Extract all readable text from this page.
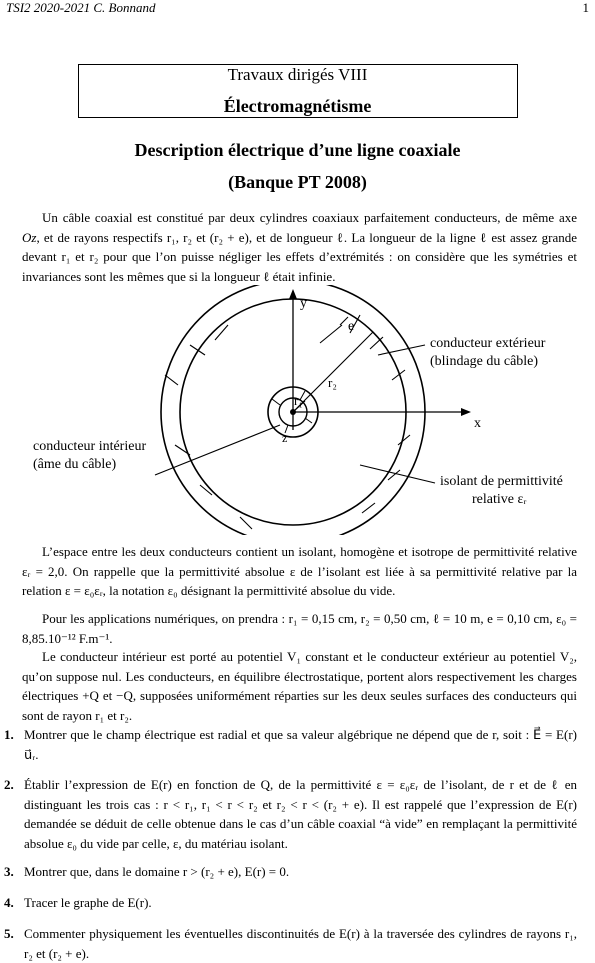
TSI2 2020-2021 C. Bonnand	1
Travaux dirigés VIII
Électromagnétisme
Description électrique d’une ligne coaxiale
(Banque PT 2008)

Un câble coaxial est constitué par deux cylindres coaxiaux parfaitement conducteurs, de même axe Oz, et de rayons respectifs r₁, r₂ et (r₂ + e), et de longueur ℓ. La longueur de la ligne ℓ est assez grande devant r₁ et r₂ pour que l’on puisse négliger les effets d’extrémités : on considère que les symétries et invariances sont les mêmes que si la longueur ℓ était infinie.

y
x
z
e
r₁
r₂
conducteur extérieur
(blindage du câble)
conducteur intérieur
(âme du câble)
isolant de permittivité
relative εᵣ

L’espace entre les deux conducteurs contient un isolant, homogène et isotrope de permittivité relative εᵣ = 2,0. On rappelle que la permittivité absolue ε de l’isolant est liée à sa permittivité relative par la relation ε = ε₀εᵣ, la notation ε₀ désignant la permittivité absolue du vide.

Pour les applications numériques, on prendra : r₁ = 0,15 cm, r₂ = 0,50 cm, ℓ = 10 m, e = 0,10 cm, ε₀ = 8,85.10⁻¹² F.m⁻¹.

Le conducteur intérieur est porté au potentiel V₁ constant et le conducteur extérieur au potentiel V₂, qu’on suppose nul. Les conducteurs, en équilibre électrostatique, portent alors respectivement les charges électriques +Q et −Q, supposées uniformément réparties sur les deux seules surfaces des conducteurs qui sont de rayon r₁ et r₂.

1. Montrer que le champ électrique est radial et que sa valeur algébrique ne dépend que de r, soit : E⃗ = E(r) u⃗ᵣ.
2. Établir l’expression de E(r) en fonction de Q, de la permittivité ε = ε₀εᵣ de l’isolant, de r et de ℓ en distinguant les trois cas : r < r₁, r₁ < r < r₂ et r₂ < r < (r₂ + e). Il est rappelé que l’expression de E(r) demandée se déduit de celle obtenue dans le cas d’un câble coaxial “à vide” en remplaçant la permittivité absolue ε₀ du vide par celle, ε, du matériau isolant.
3. Montrer que, dans le domaine r > (r₂ + e), E(r) = 0.
4. Tracer le graphe de E(r).
5. Commenter physiquement les éventuelles discontinuités de E(r) à la traversée des cylindres de rayons r₁, r₂ et (r₂ + e).
